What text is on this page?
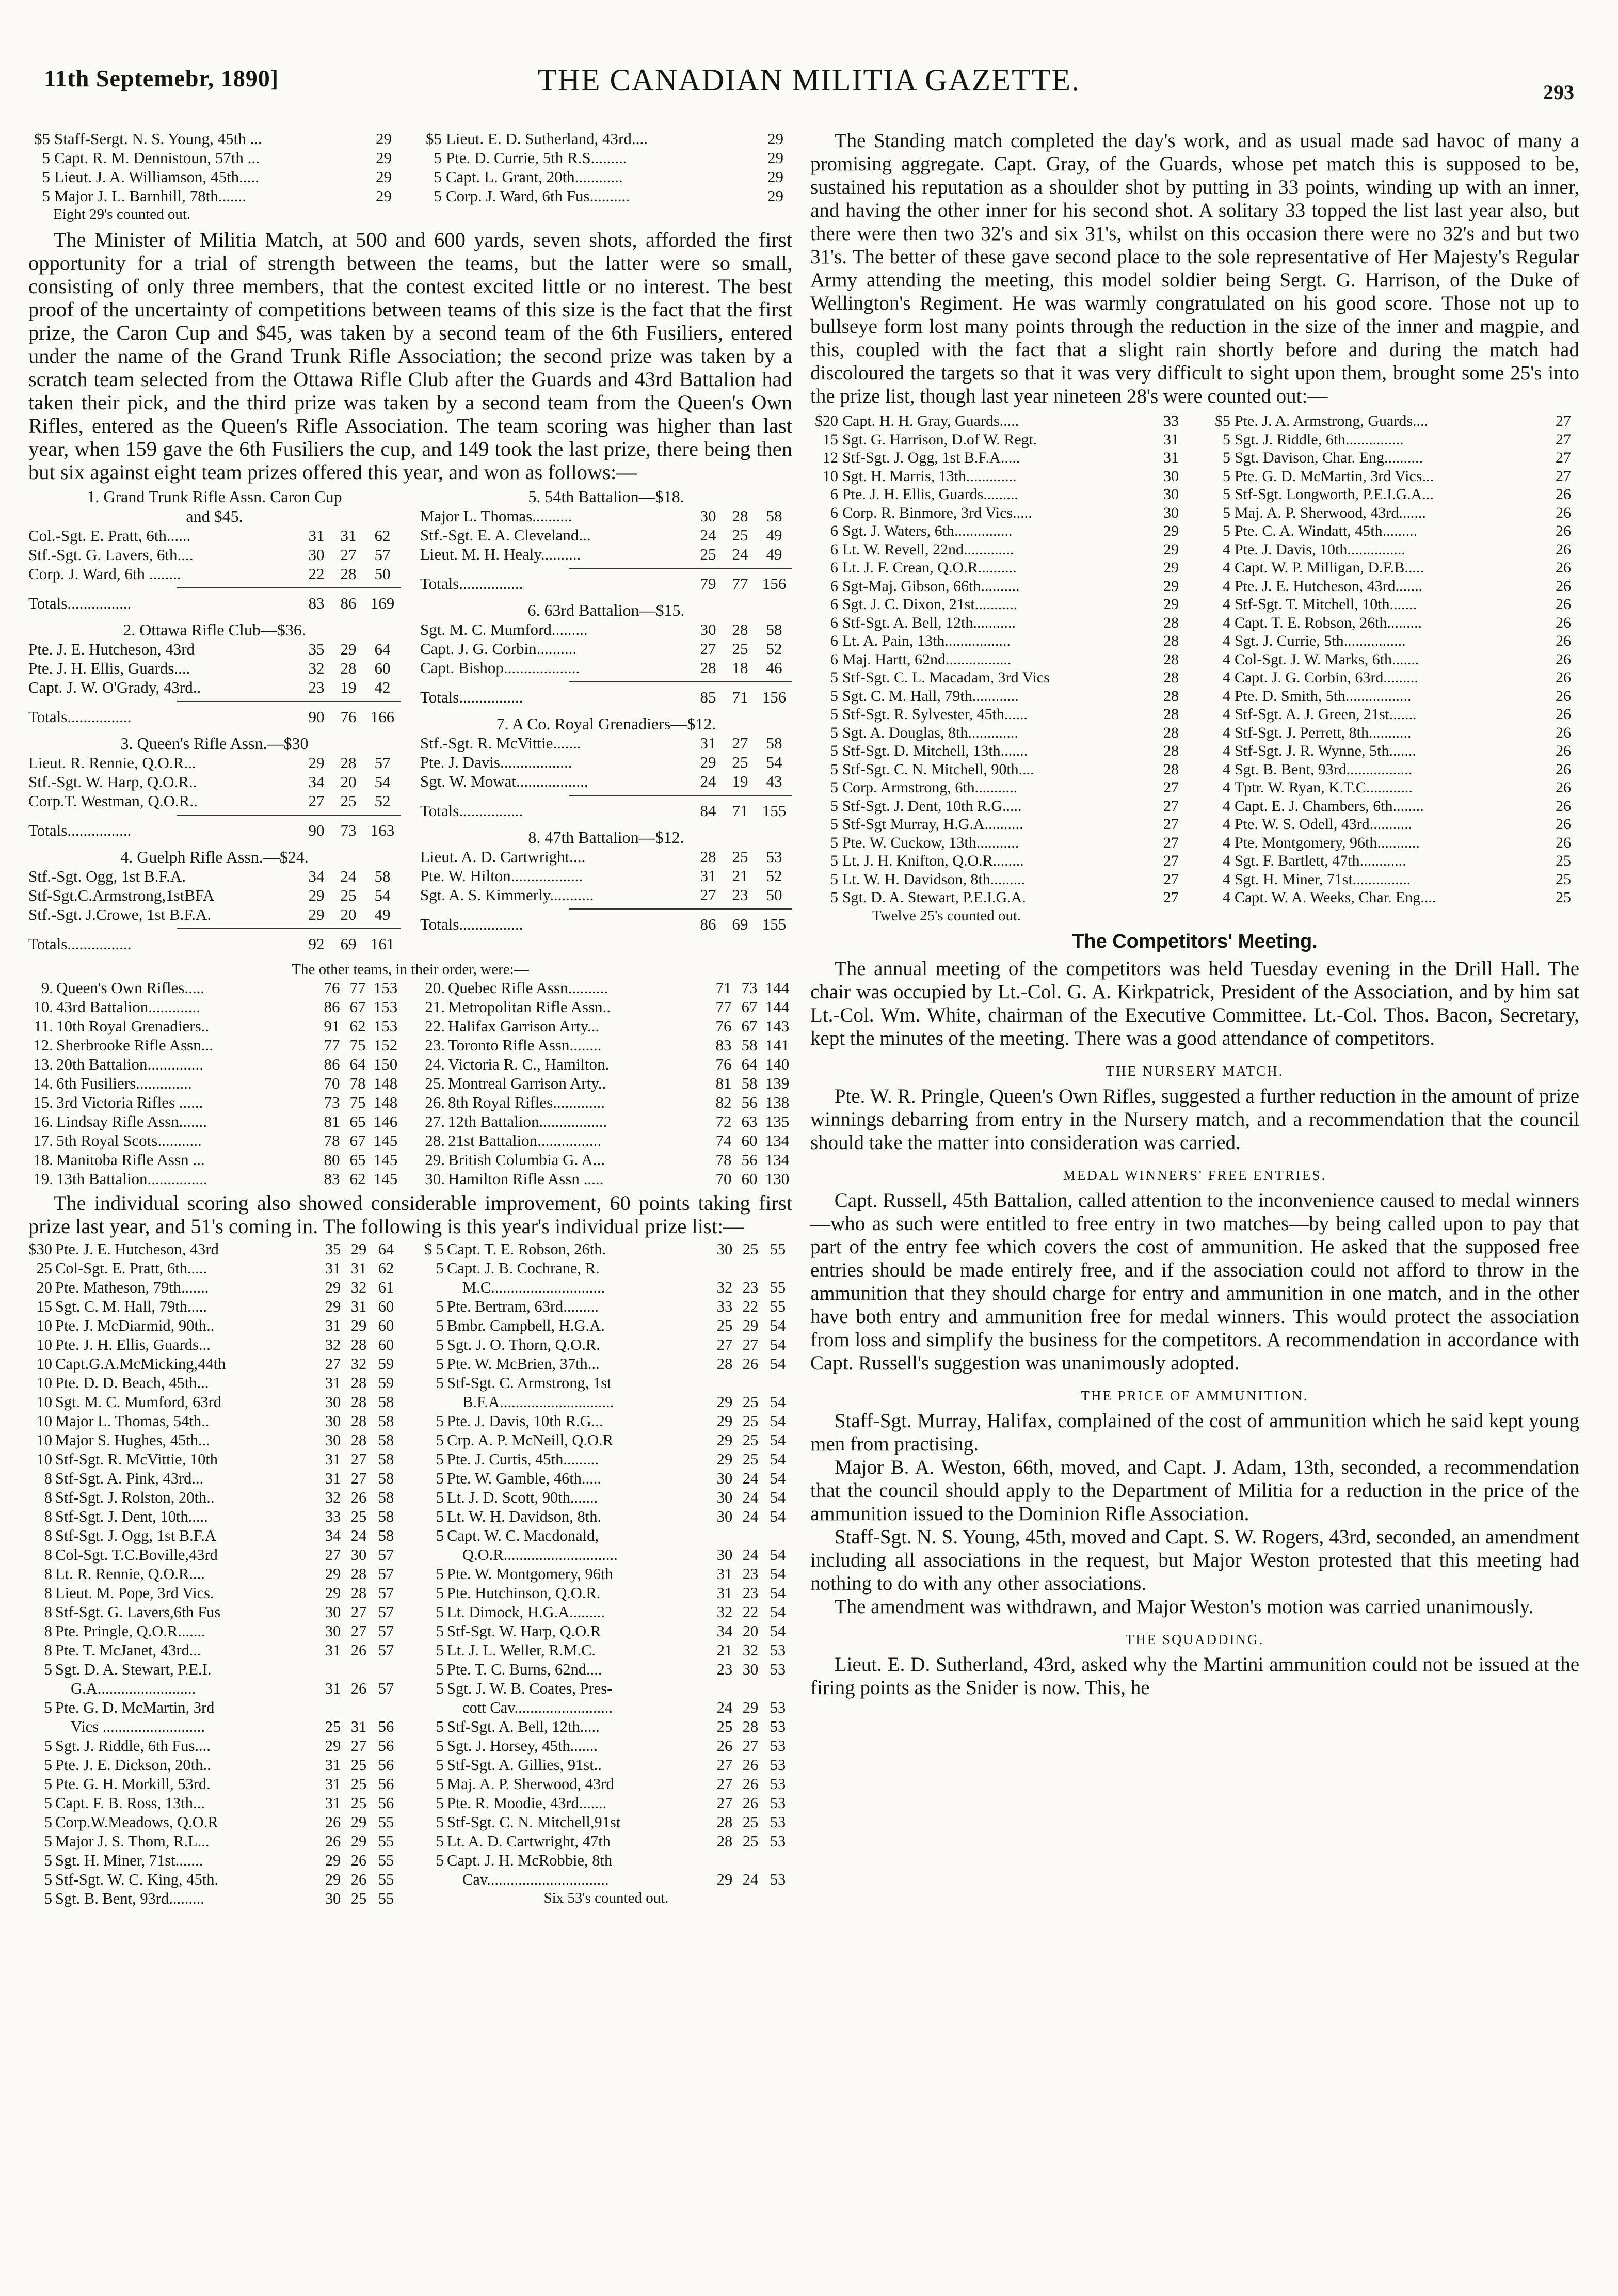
11th Septemebr, 1890]	THE CANADIAN MILITIA GAZETTE.	293
$5 Staff-Sergt. N. S. Young, 45th ...	29
5 Capt. R. M. Dennistoun, 57th ...	29
5 Lieut. J. A. Williamson, 45th.....	29
5 Major J. L. Barnhill, 78th.......	29
$5 Lieut. E. D. Sutherland, 43rd....	29
5 Pte. D. Currie, 5th R.S.........	29
5 Capt. L. Grant, 20th............	29
5 Corp. J. Ward, 6th Fus..........	29
Eight 29's counted out.

The Minister of Militia Match, at 500 and 600 yards, seven shots, afforded the first opportunity for a trial of strength between the teams, but the latter were so small, consisting of only three members, that the contest excited little or no interest. The best proof of the uncertainty of competitions between teams of this size is the fact that the first prize, the Caron Cup and $45, was taken by a second team of the 6th Fusiliers, entered under the name of the Grand Trunk Rifle Association; the second prize was taken by a scratch team selected from the Ottawa Rifle Club after the Guards and 43rd Battalion had taken their pick, and the third prize was taken by a second team from the Queen's Own Rifles, entered as the Queen's Rifle Association. The team scoring was higher than last year, when 159 gave the 6th Fusiliers the cup, and 149 took the last prize, there being then but six against eight team prizes offered this year, and won as follows:—

1. Grand Trunk Rifle Assn. Caron Cup
and $45.
Col.-Sgt. E. Pratt, 6th......	31	31	62
Stf.-Sgt. G. Lavers, 6th....	30	27	57
Corp. J. Ward, 6th ........	22	28	50
Totals................	83	86 169
2. Ottawa Rifle Club—$36.
Pte. J. E. Hutcheson, 43rd	35	29	64
Pte. J. H. Ellis, Guards....	32	28	60
Capt. J. W. O'Grady, 43rd..	23	19	42
Totals................	90	76 166
3. Queen's Rifle Assn.—$30
Lieut. R. Rennie, Q.O.R...	29	28	57
Stf.-Sgt. W. Harp, Q.O.R..	34	20	54
Corp.T. Westman, Q.O.R..	27	25	52
Totals................	90	73 163
4. Guelph Rifle Assn.—$24.
Stf.-Sgt. Ogg, 1st B.F.A.	34	24	58
Stf-Sgt.C.Armstrong,1stBFA	29	25	54
Stf.-Sgt. J.Crowe, 1st B.F.A.	29	20	49
Totals................	92	69 161
5. 54th Battalion—$18.
Major L. Thomas..........	30	28	58
Stf.-Sgt. E. A. Cleveland...	24	25	49
Lieut. M. H. Healy..........	25	24	49
Totals................	79	77 156
6. 63rd Battalion—$15.
Sgt. M. C. Mumford.........	30	28	58
Capt. J. G. Corbin..........	27	25	52
Capt. Bishop...................	28	18	46
Totals................	85	71 156
7. A Co. Royal Grenadiers—$12.
Stf.-Sgt. R. McVittie.......	31	27	58
Pte. J. Davis..................	29	25	54
Sgt. W. Mowat..................	24	19	43
Totals................	84	71 155
8. 47th Battalion—$12.
Lieut. A. D. Cartwright....	28	25	53
Pte. W. Hilton..................	31	21	52
Sgt. A. S. Kimmerly...........	27	23	50
Totals................	86	69 155
The other teams, in their order, were:—
9. Queen's Own Rifles.....	76 77 153
10. 43rd Battalion.............	86 67 153
11. 10th Royal Grenadiers..	91 62 153
12. Sherbrooke Rifle Assn...	77 75 152
13. 20th Battalion..............	86 64 150
14. 6th Fusiliers..............	70 78 148
15. 3rd Victoria Rifles ......	73 75 148
16. Lindsay Rifle Assn.......	81 65 146
17. 5th Royal Scots...........	78 67 145
18. Manitoba Rifle Assn ...	80 65 145
19. 13th Battalion...............	83 62 145
20. Quebec Rifle Assn..........	71 73 144
21. Metropolitan Rifle Assn..	77 67 144
22. Halifax Garrison Arty...	76 67 143
23. Toronto Rifle Assn........	83 58 141
24. Victoria R. C., Hamilton.	76 64 140
25. Montreal Garrison Arty..	81 58 139
26. 8th Royal Rifles.............	82 56 138
27. 12th Battalion.................	72 63 135
28. 21st Battalion................	74 60 134
29. British Columbia G. A...	78 56 134
30. Hamilton Rifle Assn .....	70 60 130

The individual scoring also showed considerable improvement, 60 points taking first prize last year, and 51's coming in. The following is this year's individual prize list:—

$30 Pte. J. E. Hutcheson, 43rd	35 29 64
25 Col-Sgt. E. Pratt, 6th.....	31 31 62
20 Pte. Matheson, 79th.......	29 32 61
15 Sgt. C. M. Hall, 79th.....	29 31 60
10 Pte. J. McDiarmid, 90th..	31 29 60
10 Pte. J. H. Ellis, Guards...	32 28 60
10 Capt.G.A.McMicking,44th	27 32 59
10 Pte. D. D. Beach, 45th...	31 28 59
10 Sgt. M. C. Mumford, 63rd	30 28 58
10 Major L. Thomas, 54th..	30 28 58
10 Major S. Hughes, 45th...	30 28 58
10 Stf-Sgt. R. McVittie, 10th	31 27 58
8 Stf-Sgt. A. Pink, 43rd...	31 27 58
8 Stf-Sgt. J. Rolston, 20th..	32 26 58
8 Stf-Sgt. J. Dent, 10th.....	33 25 58
8 Stf-Sgt. J. Ogg, 1st B.F.A	34 24 58
8 Col-Sgt. T.C.Boville,43rd	27 30 57
8 Lt. R. Rennie, Q.O.R....	29 28 57
8 Lieut. M. Pope, 3rd Vics.	29 28 57
8 Stf-Sgt. G. Lavers,6th Fus	30 27 57
8 Pte. Pringle, Q.O.R.......	30 27 57
8 Pte. T. McJanet, 43rd...	31 26 57
5 Sgt. D. A. Stewart, P.E.I.
G.A.........................	31 26 57
5 Pte. G. D. McMartin, 3rd
Vics ..........................	25 31 56
5 Sgt. J. Riddle, 6th Fus....	29 27 56
5 Pte. J. E. Dickson, 20th..	31 25 56
5 Pte. G. H. Morkill, 53rd.	31 25 56
5 Capt. F. B. Ross, 13th...	31 25 56
5 Corp.W.Meadows, Q.O.R	26 29 55
5 Major J. S. Thom, R.L...	26 29 55
5 Sgt. H. Miner, 71st.......	29 26 55
5 Stf-Sgt. W. C. King, 45th.	29 26 55
5 Sgt. B. Bent, 93rd.........	30 25 55
$ 5 Capt. T. E. Robson, 26th.	30 25 55
5 Capt. J. B. Cochrane, R.
M.C.............................	32 23 55
5 Pte. Bertram, 63rd.........	33 22 55
5 Bmbr. Campbell, H.G.A.	25 29 54
5 Sgt. J. O. Thorn, Q.O.R.	27 27 54
5 Pte. W. McBrien, 37th...	28 26 54
5 Stf-Sgt. C. Armstrong, 1st
B.F.A.............................	29 25 54
5 Pte. J. Davis, 10th R.G...	29 25 54
5 Crp. A. P. McNeill, Q.O.R	29 25 54
5 Pte. J. Curtis, 45th.........	29 25 54
5 Pte. W. Gamble, 46th.....	30 24 54
5 Lt. J. D. Scott, 90th.......	30 24 54
5 Lt. W. H. Davidson, 8th.	30 24 54
5 Capt. W. C. Macdonald,
Q.O.R.............................	30 24 54
5 Pte. W. Montgomery, 96th	31 23 54
5 Pte. Hutchinson, Q.O.R.	31 23 54
5 Lt. Dimock, H.G.A.........	32 22 54
5 Stf-Sgt. W. Harp, Q.O.R	34 20 54
5 Lt. J. L. Weller, R.M.C.	21 32 53
5 Pte. T. C. Burns, 62nd....	23 30 53
5 Sgt. J. W. B. Coates, Pres-
cott Cav.........................	24 29 53
5 Stf-Sgt. A. Bell, 12th.....	25 28 53
5 Sgt. J. Horsey, 45th.......	26 27 53
5 Stf-Sgt. A. Gillies, 91st..	27 26 53
5 Maj. A. P. Sherwood, 43rd	27 26 53
5 Pte. R. Moodie, 43rd.......	27 26 53
5 Stf-Sgt. C. N. Mitchell,91st	28 25 53
5 Lt. A. D. Cartwright, 47th	28 25 53
5 Capt. J. H. McRobbie, 8th
Cav...............................	29 24 53
Six 53's counted out.

The Standing match completed the day's work, and as usual made sad havoc of many a promising aggregate. Capt. Gray, of the Guards, whose pet match this is supposed to be, sustained his reputation as a shoulder shot by putting in 33 points, winding up with an inner, and having the other inner for his second shot. A solitary 33 topped the list last year also, but there were then two 32's and six 31's, whilst on this occasion there were no 32's and but two 31's. The better of these gave second place to the sole representative of Her Majesty's Regular Army attending the meeting, this model soldier being Sergt. G. Harrison, of the Duke of Wellington's Regiment. He was warmly congratulated on his good score. Those not up to bullseye form lost many points through the reduction in the size of the inner and magpie, and this, coupled with the fact that a slight rain shortly before and during the match had discoloured the targets so that it was very difficult to sight upon them, brought some 25's into the prize list, though last year nineteen 28's were counted out:—

$20 Capt. H. H. Gray, Guards.....	33
15 Sgt. G. Harrison, D.of W. Regt.	31
12 Stf-Sgt. J. Ogg, 1st B.F.A.....	31
10 Sgt. H. Marris, 13th.............	30
6 Pte. J. H. Ellis, Guards.........	30
6 Corp. R. Binmore, 3rd Vics.....	30
6 Sgt. J. Waters, 6th...............	29
6 Lt. W. Revell, 22nd.............	29
6 Lt. J. F. Crean, Q.O.R..........	29
6 Sgt-Maj. Gibson, 66th..........	29
6 Sgt. J. C. Dixon, 21st...........	29
6 Stf-Sgt. A. Bell, 12th...........	28
6 Lt. A. Pain, 13th.................	28
6 Maj. Hartt, 62nd.................	28
5 Stf-Sgt. C. L. Macadam, 3rd Vics	28
5 Sgt. C. M. Hall, 79th............	28
5 Stf-Sgt. R. Sylvester, 45th......	28
5 Sgt. A. Douglas, 8th.............	28
5 Stf-Sgt. D. Mitchell, 13th.......	28
5 Stf-Sgt. C. N. Mitchell, 90th....	28
5 Corp. Armstrong, 6th...........	27
5 Stf-Sgt. J. Dent, 10th R.G.....	27
5 Stf-Sgt Murray, H.G.A..........	27
5 Pte. W. Cuckow, 13th...........	27
5 Lt. J. H. Knifton, Q.O.R........	27
5 Lt. W. H. Davidson, 8th.........	27
5 Sgt. D. A. Stewart, P.E.I.G.A.	27
$5 Pte. J. A. Armstrong, Guards....	27
5 Sgt. J. Riddle, 6th...............	27
5 Sgt. Davison, Char. Eng..........	27
5 Pte. G. D. McMartin, 3rd Vics...	27
5 Stf-Sgt. Longworth, P.E.I.G.A...	26
5 Maj. A. P. Sherwood, 43rd.......	26
5 Pte. C. A. Windatt, 45th.........	26
4 Pte. J. Davis, 10th...............	26
4 Capt. W. P. Milligan, D.F.B.....	26
4 Pte. J. E. Hutcheson, 43rd.......	26
4 Stf-Sgt. T. Mitchell, 10th.......	26
4 Capt. T. E. Robson, 26th.........	26
4 Sgt. J. Currie, 5th................	26
4 Col-Sgt. J. W. Marks, 6th.......	26
4 Capt. J. G. Corbin, 63rd.........	26
4 Pte. D. Smith, 5th.................	26
4 Stf-Sgt. A. J. Green, 21st.......	26
4 Stf-Sgt. J. Perrett, 8th...........	26
4 Stf-Sgt. J. R. Wynne, 5th.......	26
4 Sgt. B. Bent, 93rd.................	26
4 Tptr. W. Ryan, K.T.C............	26
4 Capt. E. J. Chambers, 6th........	26
4 Pte. W. S. Odell, 43rd...........	26
4 Pte. Montgomery, 96th...........	26
4 Sgt. F. Bartlett, 47th............	25
4 Sgt. H. Miner, 71st...............	25
4 Capt. W. A. Weeks, Char. Eng....	25
Twelve 25's counted out.
The Competitors' Meeting.

The annual meeting of the competitors was held Tuesday evening in the Drill Hall. The chair was occupied by Lt.-Col. G. A. Kirkpatrick, President of the Association, and by him sat Lt.-Col. Wm. White, chairman of the Executive Committee. Lt.-Col. Thos. Bacon, Secretary, kept the minutes of the meeting. There was a good attendance of competitors.

THE NURSERY MATCH.

Pte. W. R. Pringle, Queen's Own Rifles, suggested a further reduction in the amount of prize winnings debarring from entry in the Nursery match, and a recommendation that the council should take the matter into consideration was carried.

MEDAL WINNERS' FREE ENTRIES.

Capt. Russell, 45th Battalion, called attention to the inconvenience caused to medal winners—who as such were entitled to free entry in two matches—by being called upon to pay that part of the entry fee which covers the cost of ammunition. He asked that the supposed free entries should be made entirely free, and if the association could not afford to throw in the ammunition that they should charge for entry and ammunition in one match, and in the other have both entry and ammunition free for medal winners. This would protect the association from loss and simplify the business for the competitors. A recommendation in accordance with Capt. Russell's suggestion was unanimously adopted.

THE PRICE OF AMMUNITION.

Staff-Sgt. Murray, Halifax, complained of the cost of ammunition which he said kept young men from practising.

Major B. A. Weston, 66th, moved, and Capt. J. Adam, 13th, seconded, a recommendation that the council should apply to the Department of Militia for a reduction in the price of the ammunition issued to the Dominion Rifle Association.

Staff-Sgt. N. S. Young, 45th, moved and Capt. S. W. Rogers, 43rd, seconded, an amendment including all associations in the request, but Major Weston protested that this meeting had nothing to do with any other associations.

The amendment was withdrawn, and Major Weston's motion was carried unanimously.

THE SQUADDING.

Lieut. E. D. Sutherland, 43rd, asked why the Martini ammunition could not be issued at the firing points as the Snider is now. This, he
